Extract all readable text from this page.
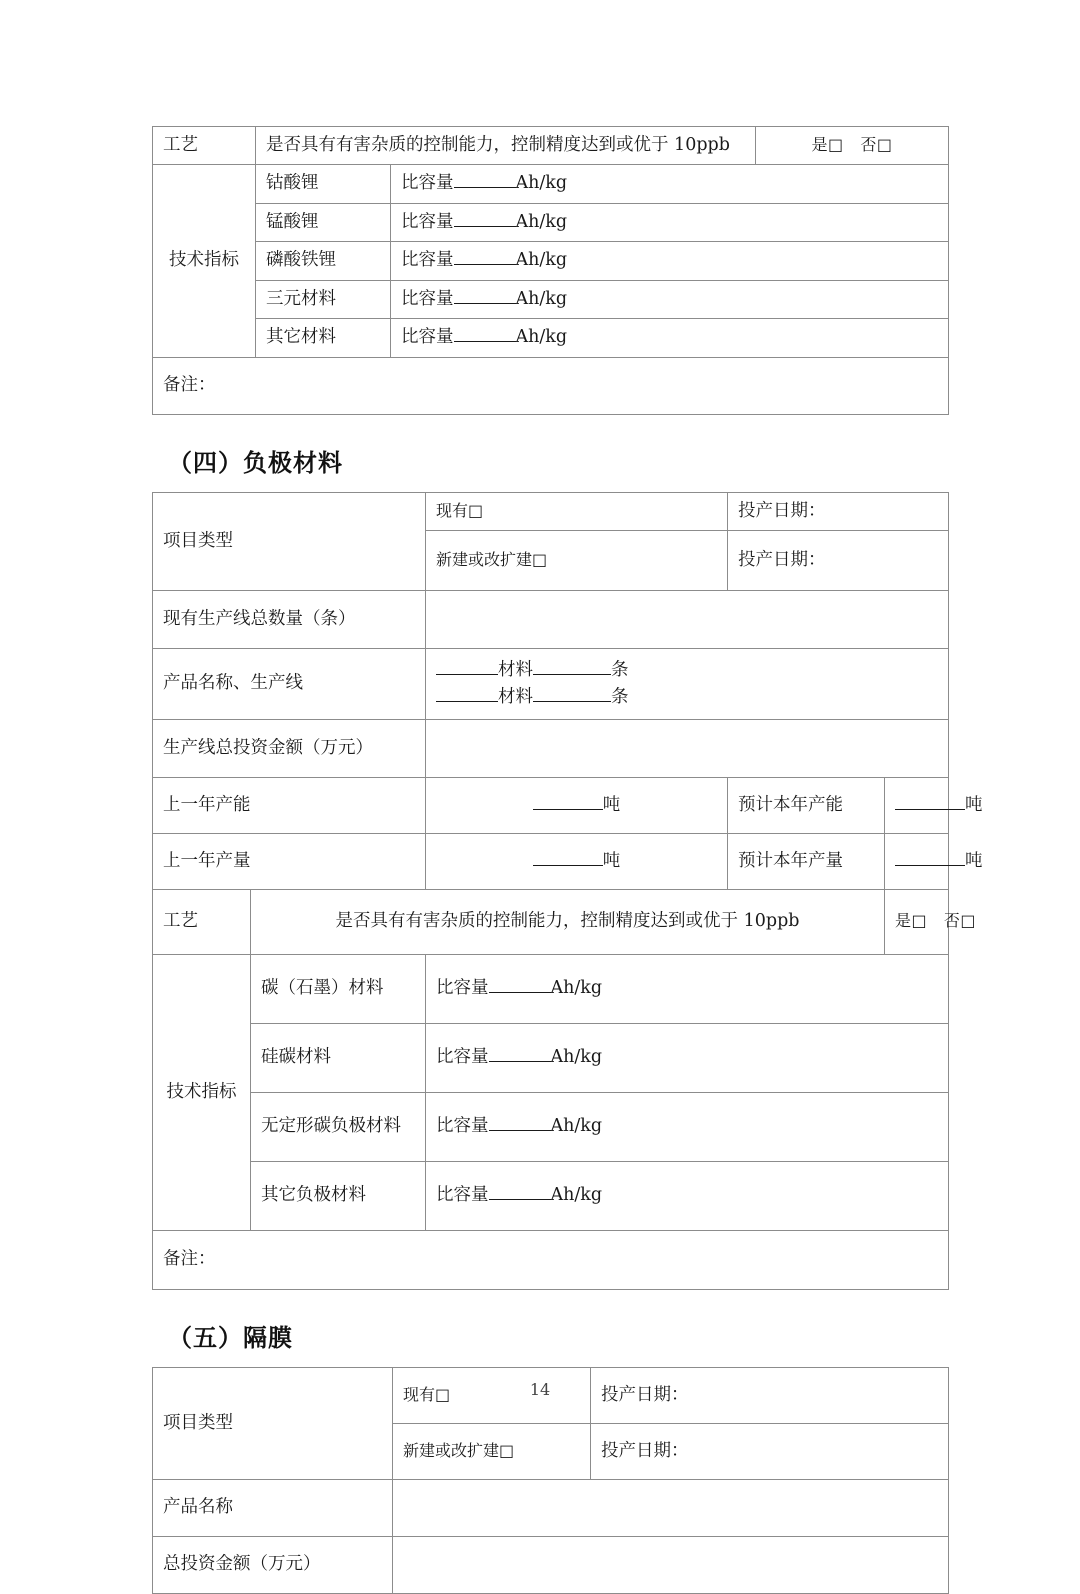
工艺	是否具有有害杂质的控制能力，控制精度达到或优于 10ppb		是□ 否□
技术指标	钴酸锂	比容量 Ah/kg	
	锰酸锂	比容量 Ah/kg	
	磷酸铁锂	比容量 Ah/kg	
	三元材料	比容量 Ah/kg	
	其它材料	比容量 Ah/kg	
备注：			
（四）负极材料
项目类型		现有□	投产日期：	
		新建或改扩建□	投产日期：	
现有生产线总数量（条）				
产品名称、生产线		材料 条
材料 条		

生产线总投资金额（万元）				
上一年产能		吨	预计本年产能	吨
上一年产量		吨	预计本年产量	吨
工艺	是否具有有害杂质的控制能力，控制精度达到或优于 10ppb			是□ 否□
技术指标	碳（石墨）材料	比容量 Ah/kg		
	硅碳材料	比容量 Ah/kg		
	无定形碳负极材料	比容量 Ah/kg		
	其它负极材料	比容量 Ah/kg		
备注：				
（五）隔膜
项目类型	现有□	投产日期：
	新建或改扩建□	投产日期：
产品名称		
总投资金额（万元）		
14
